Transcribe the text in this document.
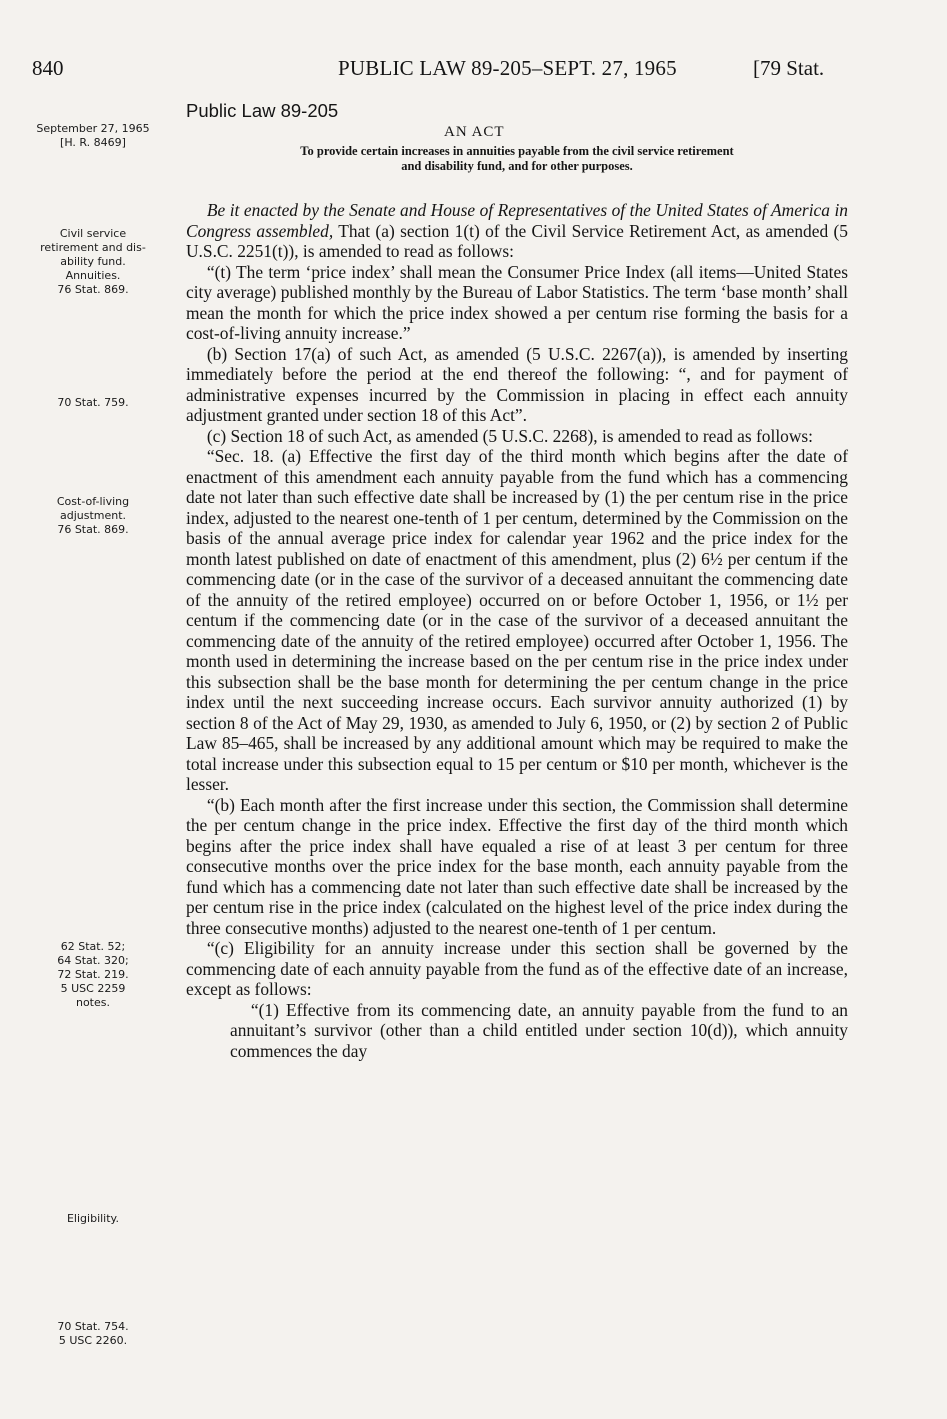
840	PUBLIC LAW 89-205–SEPT. 27, 1965	[79 Stat.
September 27, 1965
[H. R. 8469]
Civil service
retirement and dis-
ability fund.
Annuities.
76 Stat. 869.
70 Stat. 759.
Cost-of-living
adjustment.
76 Stat. 869.
62 Stat. 52;
64 Stat. 320;
72 Stat. 219.
5 USC 2259
notes.
Eligibility.
70 Stat. 754.
5 USC 2260.
Public Law 89-205
AN ACT
To provide certain increases in annuities payable from the civil service retirement
and disability fund, and for other purposes.

Be it enacted by the Senate and House of Representatives of the United States of America in Congress assembled, That (a) section 1(t) of the Civil Service Retirement Act, as amended (5 U.S.C. 2251(t)), is amended to read as follows:

“(t) The term ‘price index’ shall mean the Consumer Price Index (all items—United States city average) published monthly by the Bureau of Labor Statistics. The term ‘base month’ shall mean the month for which the price index showed a per centum rise forming the basis for a cost-of-living annuity increase.”

(b) Section 17(a) of such Act, as amended (5 U.S.C. 2267(a)), is amended by inserting immediately before the period at the end thereof the following: “, and for payment of administrative expenses incurred by the Commission in placing in effect each annuity adjustment granted under section 18 of this Act”.

(c) Section 18 of such Act, as amended (5 U.S.C. 2268), is amended to read as follows:

“Sec. 18. (a) Effective the first day of the third month which begins after the date of enactment of this amendment each annuity payable from the fund which has a commencing date not later than such effective date shall be increased by (1) the per centum rise in the price index, adjusted to the nearest one-tenth of 1 per centum, determined by the Commission on the basis of the annual average price index for calendar year 1962 and the price index for the month latest published on date of enactment of this amendment, plus (2) 6½ per centum if the commencing date (or in the case of the survivor of a deceased annuitant the commencing date of the annuity of the retired employee) occurred on or before October 1, 1956, or 1½ per centum if the commencing date (or in the case of the survivor of a deceased annuitant the commencing date of the annuity of the retired employee) occurred after October 1, 1956. The month used in determining the increase based on the per centum rise in the price index under this subsection shall be the base month for determining the per centum change in the price index until the next succeeding increase occurs. Each survivor annuity authorized (1) by section 8 of the Act of May 29, 1930, as amended to July 6, 1950, or (2) by section 2 of Public Law 85–465, shall be increased by any additional amount which may be required to make the total increase under this subsection equal to 15 per centum or $10 per month, whichever is the lesser.

“(b) Each month after the first increase under this section, the Commission shall determine the per centum change in the price index. Effective the first day of the third month which begins after the price index shall have equaled a rise of at least 3 per centum for three consecutive months over the price index for the base month, each annuity payable from the fund which has a commencing date not later than such effective date shall be increased by the per centum rise in the price index (calculated on the highest level of the price index during the three consecutive months) adjusted to the nearest one-tenth of 1 per centum.

“(c) Eligibility for an annuity increase under this section shall be governed by the commencing date of each annuity payable from the fund as of the effective date of an increase, except as follows:

“(1) Effective from its commencing date, an annuity payable from the fund to an annuitant’s survivor (other than a child entitled under section 10(d)), which annuity commences the day
